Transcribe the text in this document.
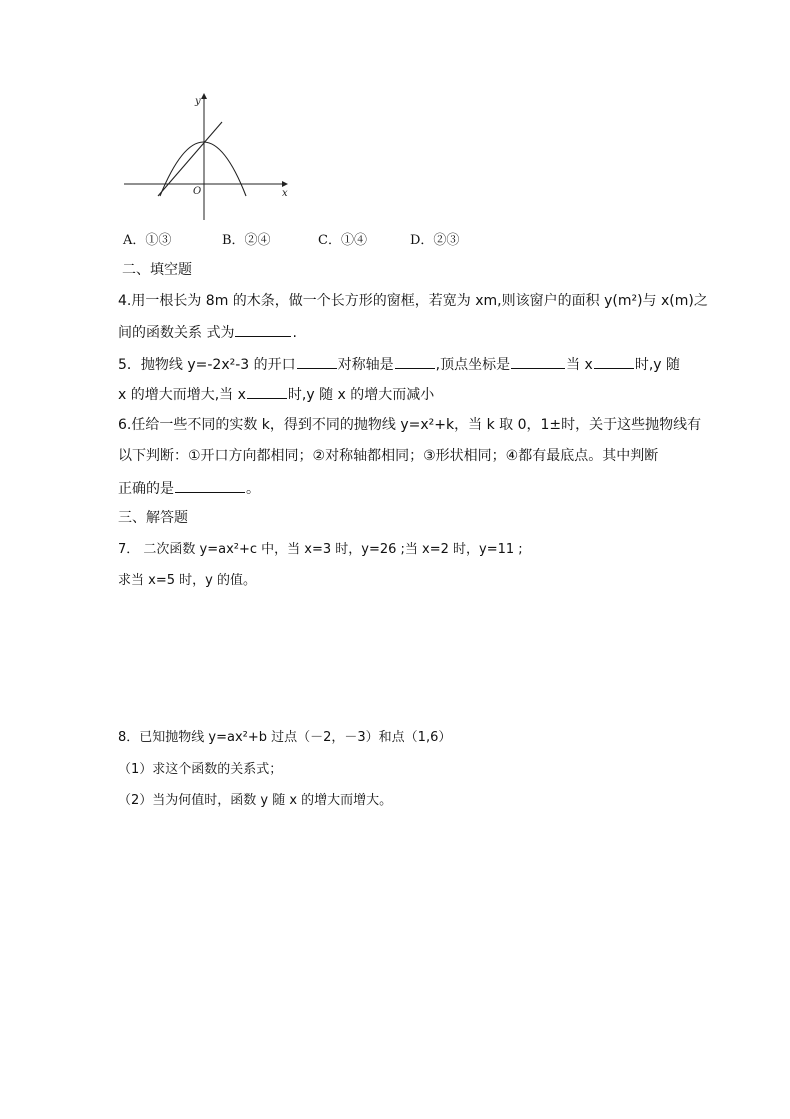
y
x
O
A．①③	B．②④	C．①④	D．②③
二、填空题
4.用一根长为 8m 的木条，做一个长方形的窗框，若宽为 xm,则该窗户的面积 y(m²)与 x(m)之
间的函数关系 式为	.
5．抛物线 y=-2x²-3 的开口	对称轴是	,顶点坐标是	当 x	时,y 随
x 的增大而增大,当 x	时,y 随 x 的增大而减小
6.任给一些不同的实数 k，得到不同的抛物线 y=x²+k，当 k 取 0，1±时，关于这些抛物线有
以下判断：①开口方向都相同；②对称轴都相同；③形状相同；④都有最底点。其中判断
正确的是	。
三、解答题
7． 二次函数 y=ax²+c 中，当 x=3 时，y=26 ;当 x=2 时，y=11 ;
求当 x=5 时，y 的值。
8．已知抛物线 y=ax²+b 过点（－2，－3）和点（1,6）
（1）求这个函数的关系式；
（2）当为何值时，函数 y 随 x 的增大而增大。
